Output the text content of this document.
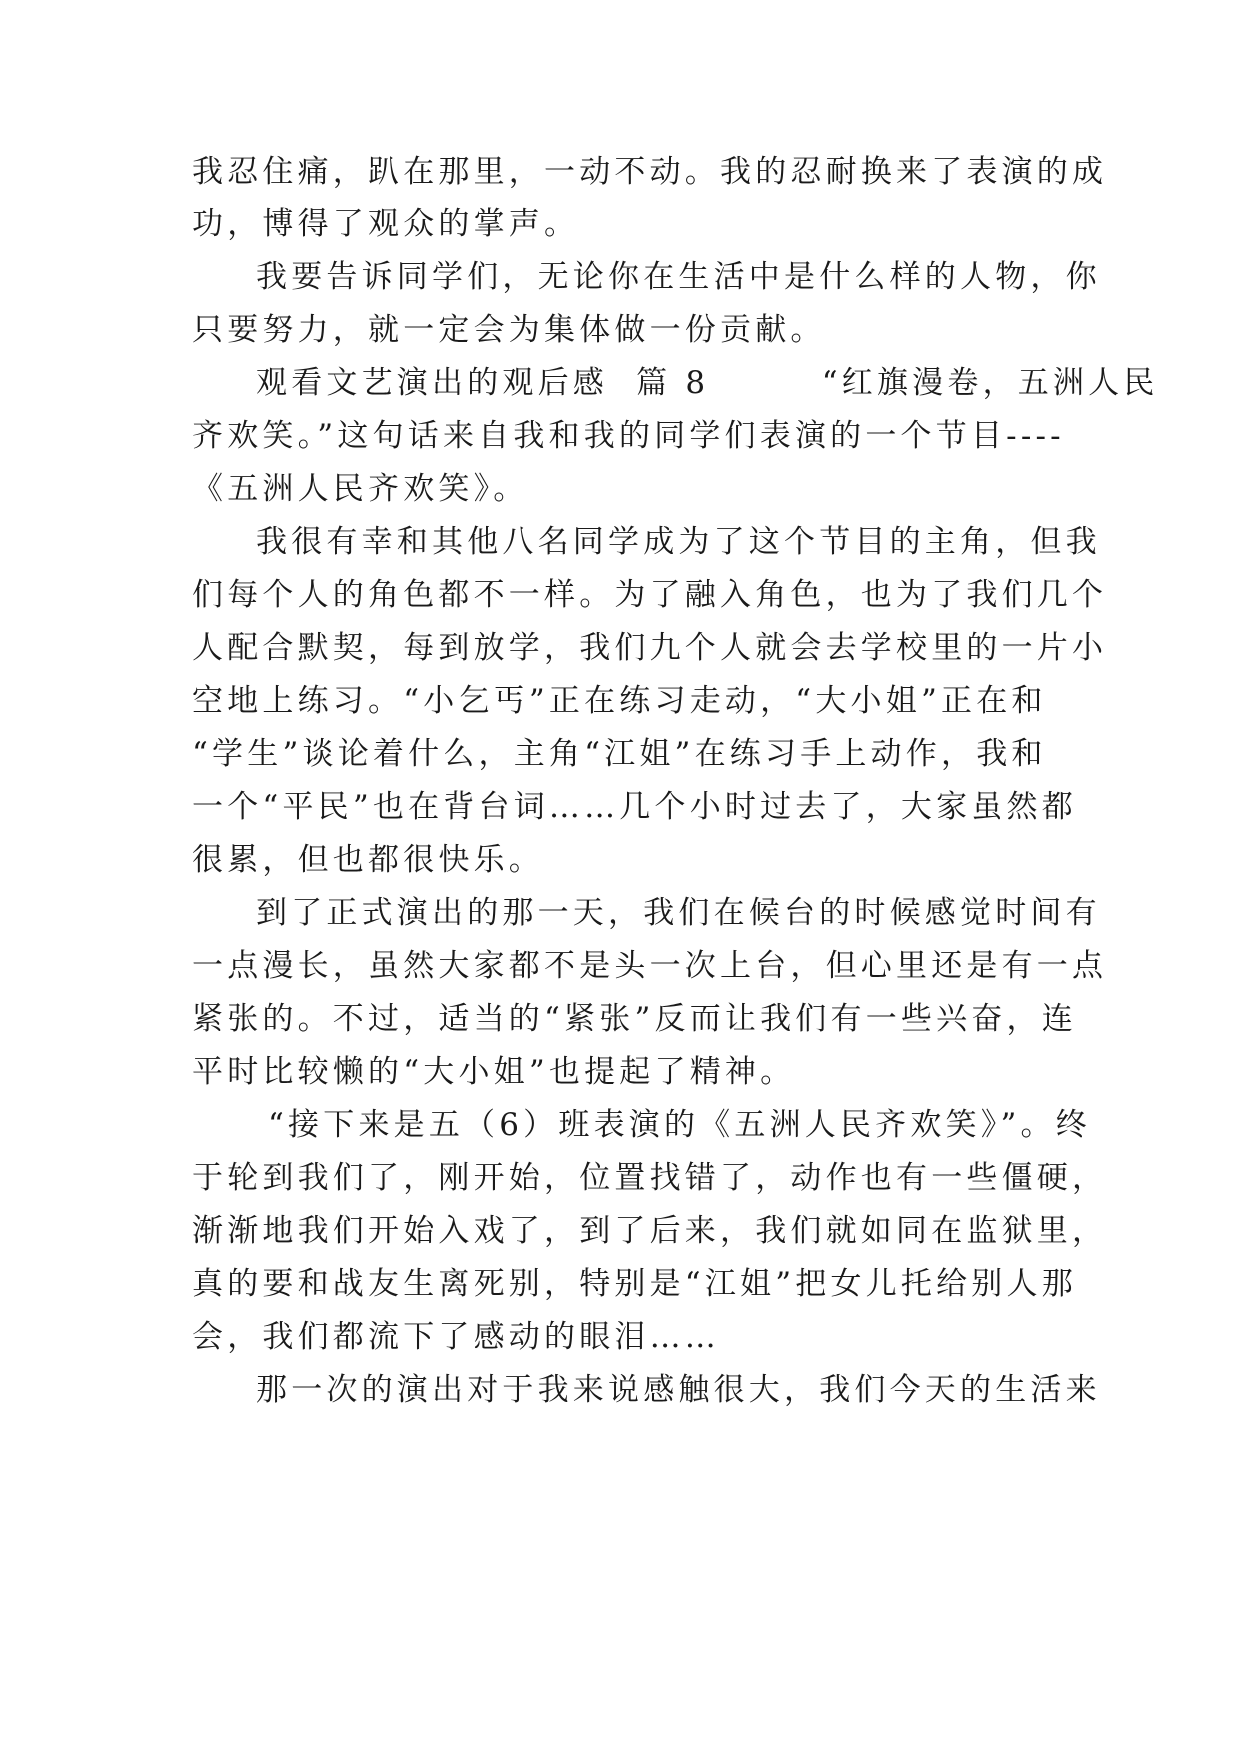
我忍住痛，趴在那里，一动不动。我的忍耐换来了表演的成
功，博得了观众的掌声。
我要告诉同学们，无论你在生活中是什么样的人物，你
只要努力，就一定会为集体做一份贡献。
观看文艺演出的观后感  篇 8        “红旗漫卷，五洲人民
齐欢笑。”这句话来自我和我的同学们表演的一个节目----
《五洲人民齐欢笑》。
我很有幸和其他八名同学成为了这个节目的主角，但我
们每个人的角色都不一样。为了融入角色，也为了我们几个
人配合默契，每到放学，我们九个人就会去学校里的一片小
空地上练习。“小乞丐”正在练习走动，“大小姐”正在和
“学生”谈论着什么，主角“江姐”在练习手上动作，我和
一个“平民”也在背台词……几个小时过去了，大家虽然都
很累，但也都很快乐。
到了正式演出的那一天，我们在候台的时候感觉时间有
一点漫长，虽然大家都不是头一次上台，但心里还是有一点
紧张的。不过，适当的“紧张”反而让我们有一些兴奋，连
平时比较懒的“大小姐”也提起了精神。
“接下来是五（6）班表演的《五洲人民齐欢笑》”。终
于轮到我们了，刚开始，位置找错了，动作也有一些僵硬，
渐渐地我们开始入戏了，到了后来，我们就如同在监狱里，
真的要和战友生离死别，特别是“江姐”把女儿托给别人那
会，我们都流下了感动的眼泪……
那一次的演出对于我来说感触很大，我们今天的生活来
